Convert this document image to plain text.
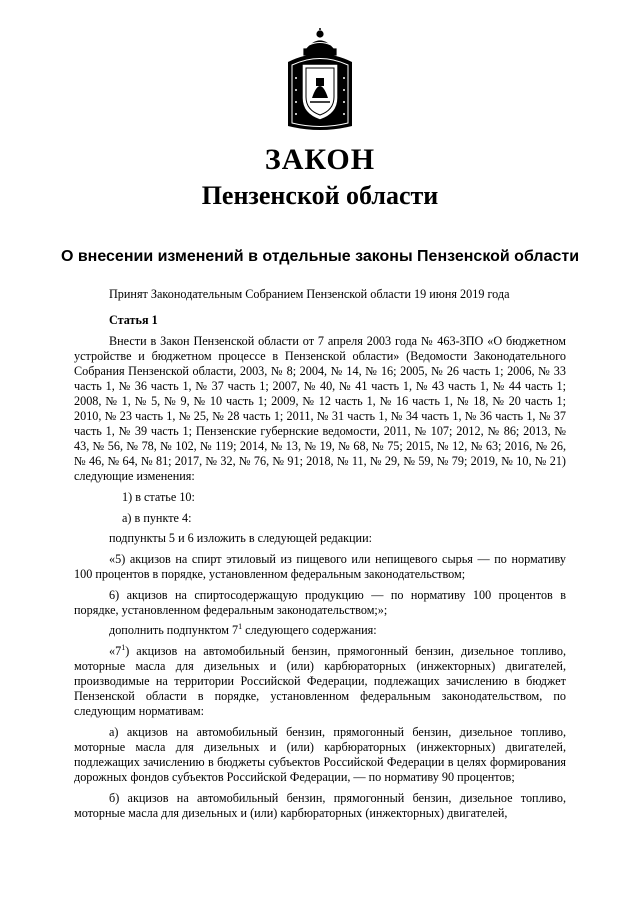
ЗАКОН
Пензенской области
О внесении изменений в отдельные законы Пензенской области
Принят Законодательным Собранием Пензенской области 19 июня 2019 года

Статья 1

Внести в Закон Пензенской области от 7 апреля 2003 года № 463-ЗПО «О бюджетном устройстве и бюджетном процессе в Пензенской области» (Ведомости Законодательного Собрания Пензенской области, 2003, № 8; 2004, № 14, № 16; 2005, № 26 часть 1; 2006, № 33 часть 1, № 36 часть 1, № 37 часть 1; 2007, № 40, № 41 часть 1, № 43 часть 1, № 44 часть 1; 2008, № 1, № 5, № 9, № 10 часть 1; 2009, № 12 часть 1, № 16 часть 1, № 18, № 20 часть 1; 2010, № 23 часть 1, № 25, № 28 часть 1; 2011, № 31 часть 1, № 34 часть 1, № 36 часть 1, № 37 часть 1, № 39 часть 1; Пензенские губернские ведомости, 2011, № 107; 2012, № 86; 2013, № 43, № 56, № 78, № 102, № 119; 2014, № 13, № 19, № 68, № 75; 2015, № 12, № 63; 2016, № 26, № 46, № 64, № 81; 2017, № 32, № 76, № 91; 2018, № 11, № 29, № 59, № 79; 2019, № 10, № 21) следующие изменения:

1) в статье 10:

а) в пункте 4:

подпункты 5 и 6 изложить в следующей редакции:

«5) акцизов на спирт этиловый из пищевого или непищевого сырья — по нормативу 100 процентов в порядке, установленном федеральным законодательством;

6) акцизов на спиртосодержащую продукцию — по нормативу 100 процентов в порядке, установленном федеральным законодательством;»;

дополнить подпунктом $7^1$ следующего содержания:

«$7^1$) акцизов на автомобильный бензин, прямогонный бензин, дизельное топливо, моторные масла для дизельных и (или) карбюраторных (инжекторных) двигателей, производимые на территории Российской Федерации, подлежащих зачислению в бюджет Пензенской области в порядке, установленном федеральным законодательством, по следующим нормативам:

а) акцизов на автомобильный бензин, прямогонный бензин, дизельное топливо, моторные масла для дизельных и (или) карбюраторных (инжекторных) двигателей, подлежащих зачислению в бюджеты субъектов Российской Федерации в целях формирования дорожных фондов субъектов Российской Федерации, — по нормативу 90 процентов;

б) акцизов на автомобильный бензин, прямогонный бензин, дизельное топливо, моторные масла для дизельных и (или) карбюраторных (инжекторных) двигателей,
